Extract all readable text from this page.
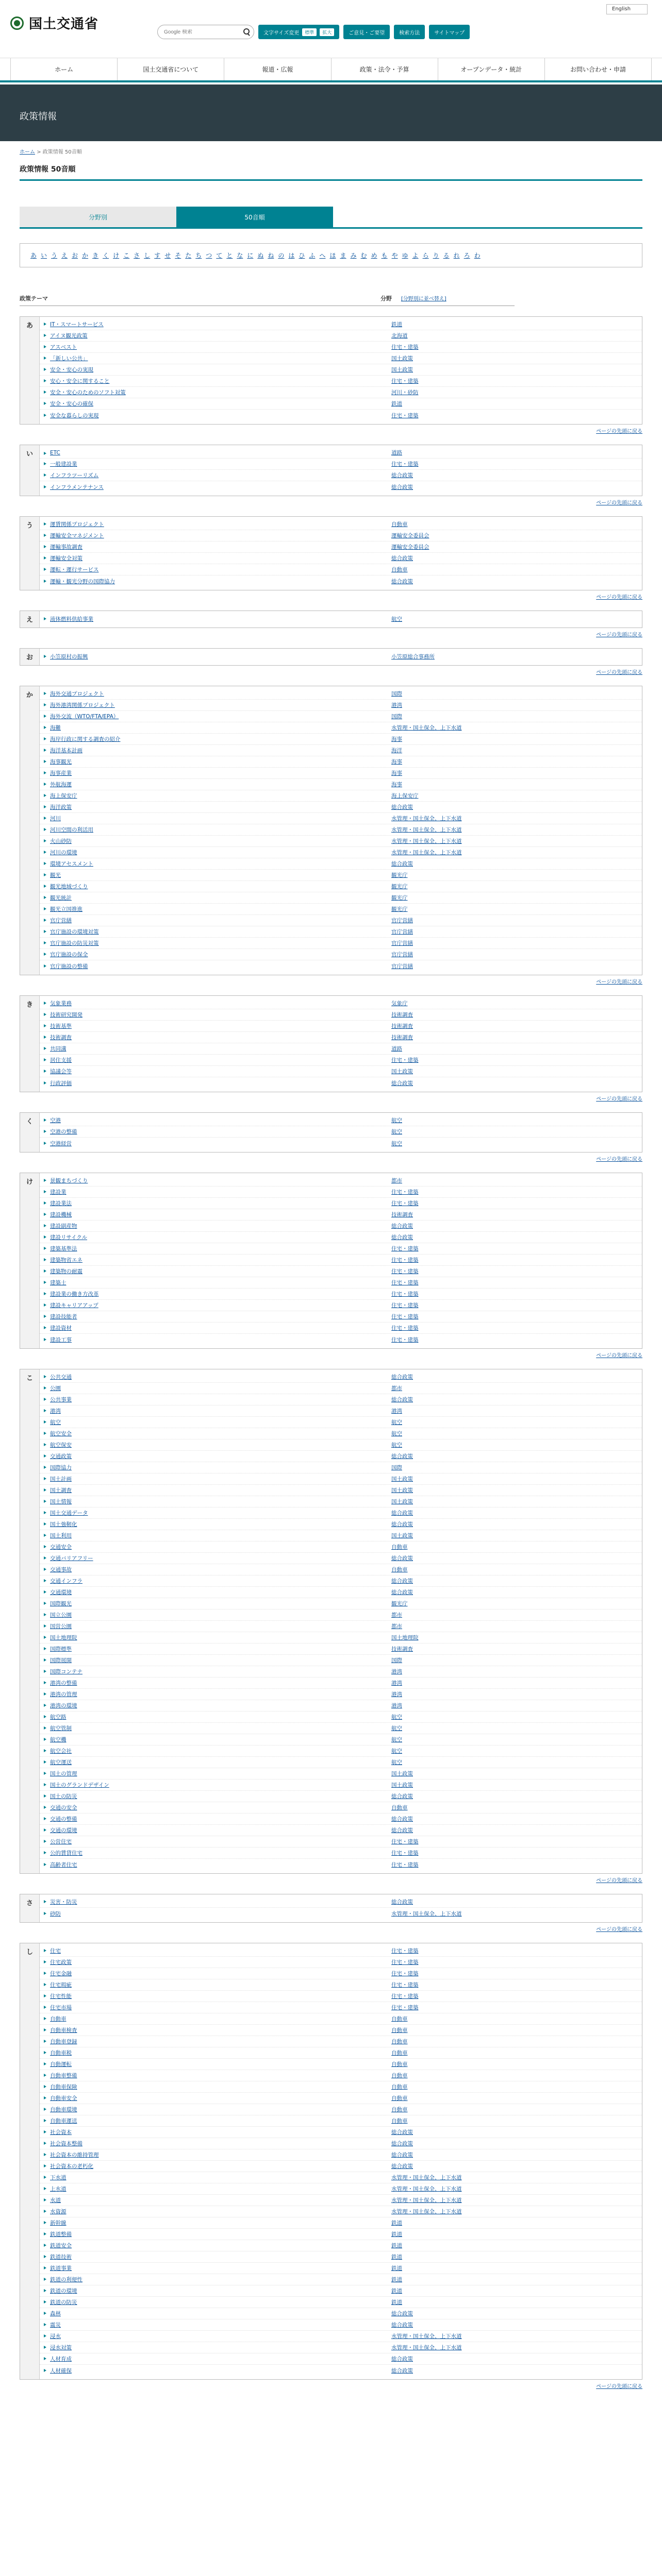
国土交通省
English
Google 検索
文字サイズ変更	標準	拡大	ご意見・ご要望	検索方法	サイトマップ
ホーム	国土交通省について	報道・広報	政策・法令・予算	オープンデータ・統計	お問い合わせ・申請
政策情報
ホーム > 政策情報 50音順
政策情報 50音順
分野別	50音順
あ い う え お か き く け こ さ し す せ そ た ち つ て と な に ぬ ね の は ひ ふ へ ほ ま み む め も や ゆ よ ら り る れ ろ わ
政策テーマ	分野 [分野別に並べ替え]
あ	IT・スマートサービス	鉄道
アイヌ観光政策	北海道
アスベスト	住宅・建築
「新しい公共」	国土政策
安全・安心の実現	国土政策
安心・安全に関すること	住宅・建築
安全・安心のためのソフト対策	河川・砂防
安全・安心の確保	鉄道
安全な暮らしの実現	住宅・建築
ページの先頭に戻る
い	ETC	道路
一般建設業	住宅・建築
インフラツーリズム	総合政策
インフラメンテナンス	総合政策
ページの先頭に戻る
う	運賃関係プロジェクト	自動車
運輸安全マネジメント	運輸安全委員会
運輸事故調査	運輸安全委員会
運輸安全対策	総合政策
運転・運行サービス	自動車
運輸・観光分野の国際協力	総合政策
ページの先頭に戻る
え	液体燃料供給事業	航空
ページの先頭に戻る
お	小笠原村の振興	小笠原総合事務所
ページの先頭に戻る
か	海外交通プロジェクト	国際
海外港湾関係プロジェクト	港湾
海外交流（WTO/FTA/EPA）	国際
海難	水管理・国土保全、上下水道
海岸行政に関する調査の紹介	海事
海洋基本計画	海洋
海事観光	海事
海事産業	海事
外航海運	海事
海上保安庁	海上保安庁
海洋政策	総合政策
河川	水管理・国土保全、上下水道
河川空間の利活用	水管理・国土保全、上下水道
火山砂防	水管理・国土保全、上下水道
河川の環境	水管理・国土保全、上下水道
環境アセスメント	総合政策
観光	観光庁
観光地域づくり	観光庁
観光統計	観光庁
観光立国推進	観光庁
官庁営繕	官庁営繕
官庁施設の環境対策	官庁営繕
官庁施設の防災対策	官庁営繕
官庁施設の保全	官庁営繕
官庁施設の整備	官庁営繕
ページの先頭に戻る
き	気象業務	気象庁
技術研究開発	技術調査
技術基準	技術調査
技術調査	技術調査
共同溝	道路
居住支援	住宅・建築
協議会等	国土政策
行政評価	総合政策
ページの先頭に戻る
く	空港	航空
空港の整備	航空
空港経営	航空
ページの先頭に戻る
け	景観まちづくり	都市
建設業	住宅・建築
建設業法	住宅・建築
建設機械	技術調査
建設副産物	総合政策
建設リサイクル	総合政策
建築基準法	住宅・建築
建築物省エネ	住宅・建築
建築物の耐震	住宅・建築
建築士	住宅・建築
建設業の働き方改革	住宅・建築
建設キャリアアップ	住宅・建築
建設技能者	住宅・建築
建設資材	住宅・建築
建設工事	住宅・建築
ページの先頭に戻る
こ	公共交通	総合政策
公園	都市
公共事業	総合政策
港湾	港湾
航空	航空
航空安全	航空
航空保安	航空
交通政策	総合政策
国際協力	国際
国土計画	国土政策
国土調査	国土政策
国土情報	国土政策
国土交通データ	総合政策
国土強靭化	総合政策
国土利用	国土政策
交通安全	自動車
交通バリアフリー	総合政策
交通事故	自動車
交通インフラ	総合政策
交通環境	総合政策
国際観光	観光庁
国立公園	都市
国営公園	都市
国土地理院	国土地理院
国際標準	技術調査
国際展開	国際
国際コンテナ	港湾
港湾の整備	港湾
港湾の管理	港湾
港湾の環境	港湾
航空路	航空
航空管制	航空
航空機	航空
航空会社	航空
航空運送	航空
国土の管理	国土政策
国土のグランドデザイン	国土政策
国土の防災	総合政策
交通の安全	自動車
交通の整備	総合政策
交通の環境	総合政策
公営住宅	住宅・建築
公的賃貸住宅	住宅・建築
高齢者住宅	住宅・建築
ページの先頭に戻る
さ	災害・防災	総合政策
砂防	水管理・国土保全、上下水道
ページの先頭に戻る
し	住宅	住宅・建築
住宅政策	住宅・建築
住宅金融	住宅・建築
住宅瑕疵	住宅・建築
住宅性能	住宅・建築
住宅市場	住宅・建築
自動車	自動車
自動車検査	自動車
自動車登録	自動車
自動車税	自動車
自動運転	自動車
自動車整備	自動車
自動車保険	自動車
自動車安全	自動車
自動車環境	自動車
自動車運送	自動車
社会資本	総合政策
社会資本整備	総合政策
社会資本の維持管理	総合政策
社会資本の老朽化	総合政策
下水道	水管理・国土保全、上下水道
上水道	水管理・国土保全、上下水道
水道	水管理・国土保全、上下水道
水資源	水管理・国土保全、上下水道
新幹線	鉄道
鉄道整備	鉄道
鉄道安全	鉄道
鉄道技術	鉄道
鉄道事業	鉄道
鉄道の利便性	鉄道
鉄道の環境	鉄道
鉄道の防災	鉄道
森林	総合政策
震災	総合政策
浸水	水管理・国土保全、上下水道
浸水対策	水管理・国土保全、上下水道
人材育成	総合政策
人材確保	総合政策
ページの先頭に戻る
